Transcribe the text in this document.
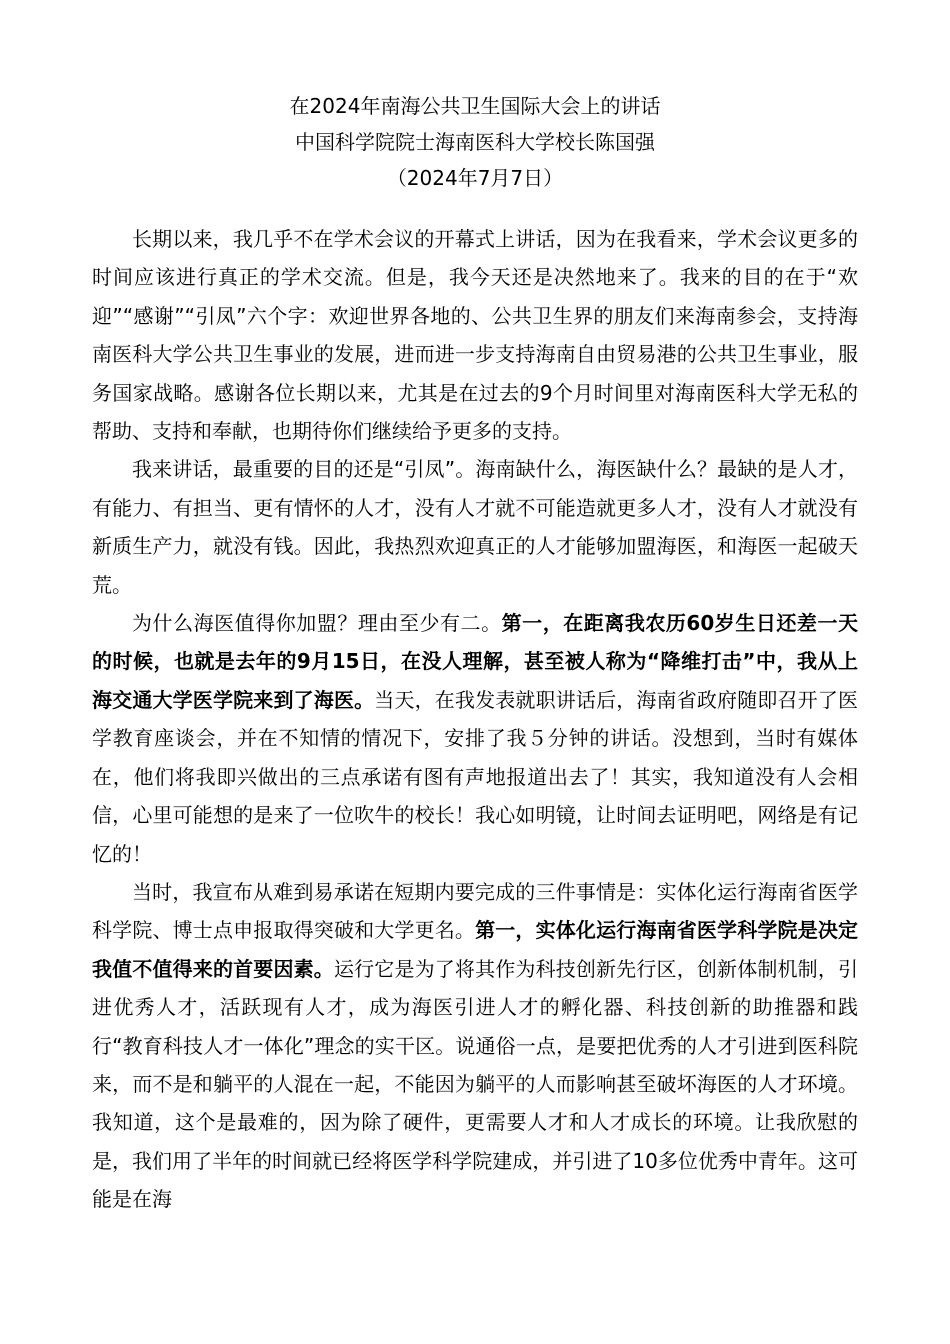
在2024年南海公共卫生国际大会上的讲话
中国科学院院士海南医科大学校长陈国强
（2024年7月7日）

长期以来，我几乎不在学术会议的开幕式上讲话，因为在我看来，学术会议更多的时间应该进行真正的学术交流。但是，我今天还是决然地来了。我来的目的在于“欢迎”“感谢”“引凤”六个字：欢迎世界各地的、公共卫生界的朋友们来海南参会，支持海南医科大学公共卫生事业的发展，进而进一步支持海南自由贸易港的公共卫生事业，服务国家战略。感谢各位长期以来，尤其是在过去的9个月时间里对海南医科大学无私的帮助、支持和奉献，也期待你们继续给予更多的支持。

我来讲话，最重要的目的还是“引凤”。海南缺什么，海医缺什么？最缺的是人才，有能力、有担当、更有情怀的人才，没有人才就不可能造就更多人才，没有人才就没有新质生产力，就没有钱。因此，我热烈欢迎真正的人才能够加盟海医，和海医一起破天荒。

为什么海医值得你加盟？理由至少有二。第一，在距离我农历60岁生日还差一天的时候，也就是去年的9月15日，在没人理解，甚至被人称为“降维打击”中，我从上海交通大学医学院来到了海医。当天，在我发表就职讲话后，海南省政府随即召开了医学教育座谈会，并在不知情的情况下，安排了我５分钟的讲话。没想到，当时有媒体在，他们将我即兴做出的三点承诺有图有声地报道出去了！其实，我知道没有人会相信，心里可能想的是来了一位吹牛的校长！我心如明镜，让时间去证明吧，网络是有记忆的！

当时，我宣布从难到易承诺在短期内要完成的三件事情是：实体化运行海南省医学科学院、博士点申报取得突破和大学更名。第一，实体化运行海南省医学科学院是决定我值不值得来的首要因素。运行它是为了将其作为科技创新先行区，创新体制机制，引进优秀人才，活跃现有人才，成为海医引进人才的孵化器、科技创新的助推器和践行“教育科技人才一体化”理念的实干区。说通俗一点，是要把优秀的人才引进到医科院来，而不是和躺平的人混在一起，不能因为躺平的人而影响甚至破坏海医的人才环境。我知道，这个是最难的，因为除了硬件，更需要人才和人才成长的环境。让我欣慰的是，我们用了半年的时间就已经将医学科学院建成，并引进了10多位优秀中青年。这可能是在海
